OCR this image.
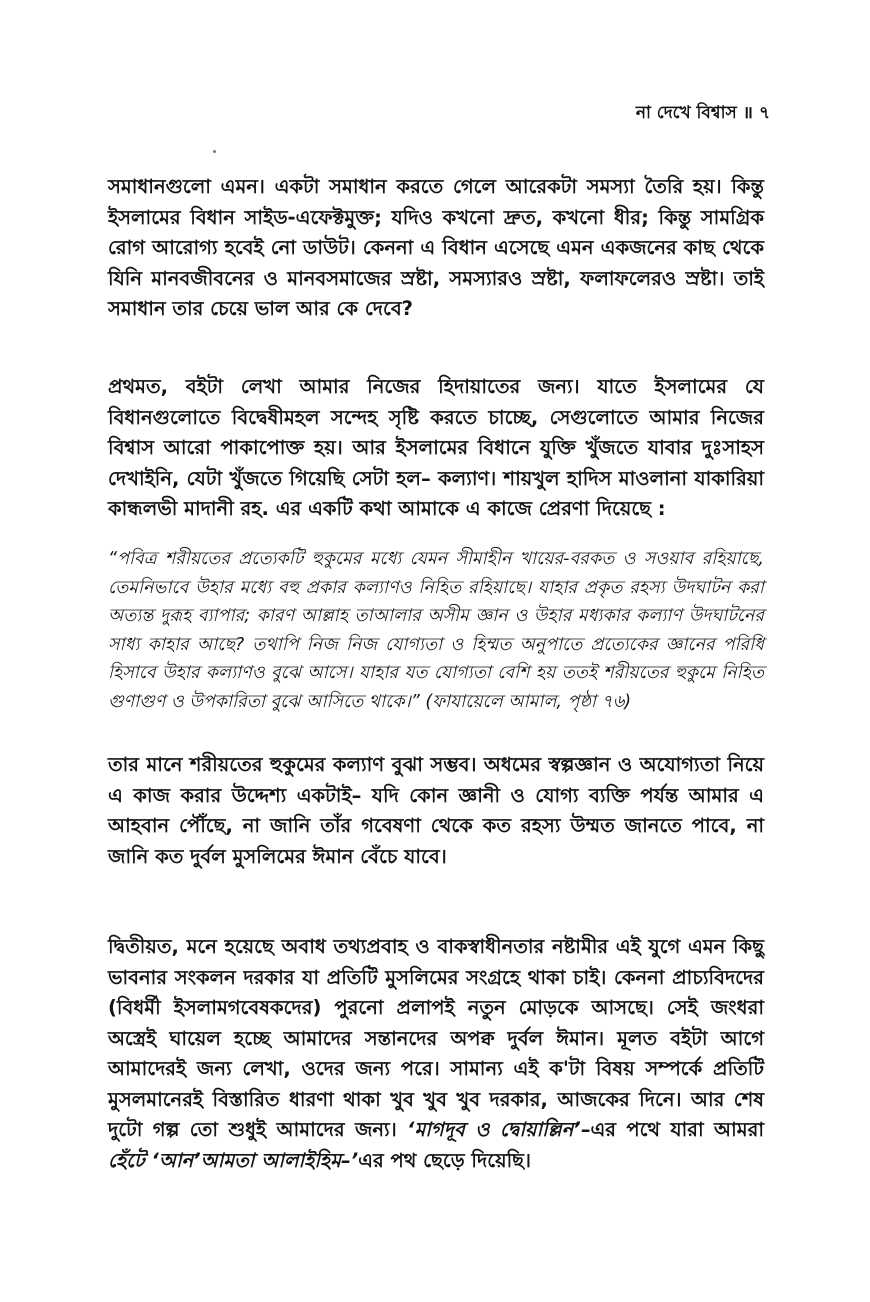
না দেখে বিশ্বাস ॥ ৭

সমাধানগুলো এমন। একটা সমাধান করতে গেলে আরেকটা সমস্যা তৈরি হয়। কিন্তু ইসলামের বিধান সাইড-এফেক্টমুক্ত; যদিও কখনো দ্রুত, কখনো ধীর; কিন্তু সামগ্রিক রোগ আরোগ্য হবেই নো ডাউট। কেননা এ বিধান এসেছে এমন একজনের কাছ থেকে যিনি মানবজীবনের ও মানবসমাজের স্রষ্টা, সমস্যারও স্রষ্টা, ফলাফলেরও স্রষ্টা। তাই সমাধান তার চেয়ে ভাল আর কে দেবে?

প্রথমত, বইটা লেখা আমার নিজের হিদায়াতের জন্য। যাতে ইসলামের যে বিধানগুলোতে বিদ্বেষীমহল সন্দেহ সৃষ্টি করতে চাচ্ছে, সেগুলোতে আমার নিজের বিশ্বাস আরো পাকাপোক্ত হয়। আর ইসলামের বিধানে যুক্তি খুঁজতে যাবার দুঃসাহস দেখাইনি, যেটা খুঁজতে গিয়েছি সেটা হল– কল্যাণ। শায়খুল হাদিস মাওলানা যাকারিয়া কান্ধলভী মাদানী রহ. এর একটি কথা আমাকে এ কাজে প্রেরণা দিয়েছে :

“পবিত্র শরীয়তের প্রত্যেকটি হুকুমের মধ্যে যেমন সীমাহীন খায়ের-বরকত ও সওয়াব রহিয়াছে, তেমনিভাবে উহার মধ্যে বহু প্রকার কল্যাণও নিহিত রহিয়াছে। যাহার প্রকৃত রহস্য উদঘাটন করা অত্যন্ত দুরূহ ব্যাপার; কারণ আল্লাহ তাআলার অসীম জ্ঞান ও উহার মধ্যকার কল্যাণ উদঘাটনের সাধ্য কাহার আছে? তথাপি নিজ নিজ যোগ্যতা ও হিম্মত অনুপাতে প্রত্যেকের জ্ঞানের পরিধি হিসাবে উহার কল্যাণও বুঝে আসে। যাহার যত যোগ্যতা বেশি হয় ততই শরীয়তের হুকুমে নিহিত গুণাগুণ ও উপকারিতা বুঝে আসিতে থাকে।” (ফাযায়েলে আমাল, পৃষ্ঠা ৭৬)

তার মানে শরীয়তের হুকুমের কল্যাণ বুঝা সম্ভব। অধমের স্বল্পজ্ঞান ও অযোগ্যতা নিয়ে এ কাজ করার উদ্দেশ্য একটাই– যদি কোন জ্ঞানী ও যোগ্য ব্যক্তি পর্যন্ত আমার এ আহবান পৌঁছে, না জানি তাঁর গবেষণা থেকে কত রহস্য উম্মত জানতে পাবে, না জানি কত দুর্বল মুসলিমের ঈমান বেঁচে যাবে।

দ্বিতীয়ত, মনে হয়েছে অবাধ তথ্যপ্রবাহ ও বাকস্বাধীনতার নষ্টামীর এই যুগে এমন কিছু ভাবনার সংকলন দরকার যা প্রতিটি মুসলিমের সংগ্রহে থাকা চাই। কেননা প্রাচ্যবিদদের (বিধর্মী ইসলামগবেষকদের) পুরনো প্রলাপই নতুন মোড়কে আসছে। সেই জংধরা অস্ত্রেই ঘায়েল হচ্ছে আমাদের সন্তানদের অপক্ব দুর্বল ঈমান। মূলত বইটা আগে আমাদেরই জন্য লেখা, ওদের জন্য পরে। সামান্য এই ক'টা বিষয় সম্পর্কে প্রতিটি মুসলমানেরই বিস্তারিত ধারণা থাকা খুব খুব খুব দরকার, আজকের দিনে। আর শেষ দুটো গল্প তো শুধুই আমাদের জন্য। ‘মাগদূব ও দ্বোয়াল্লিন’–এর পথে যারা আমরা হেঁটে ‘আন’আমতা আলাইহিম–’এর পথ ছেড়ে দিয়েছি।
